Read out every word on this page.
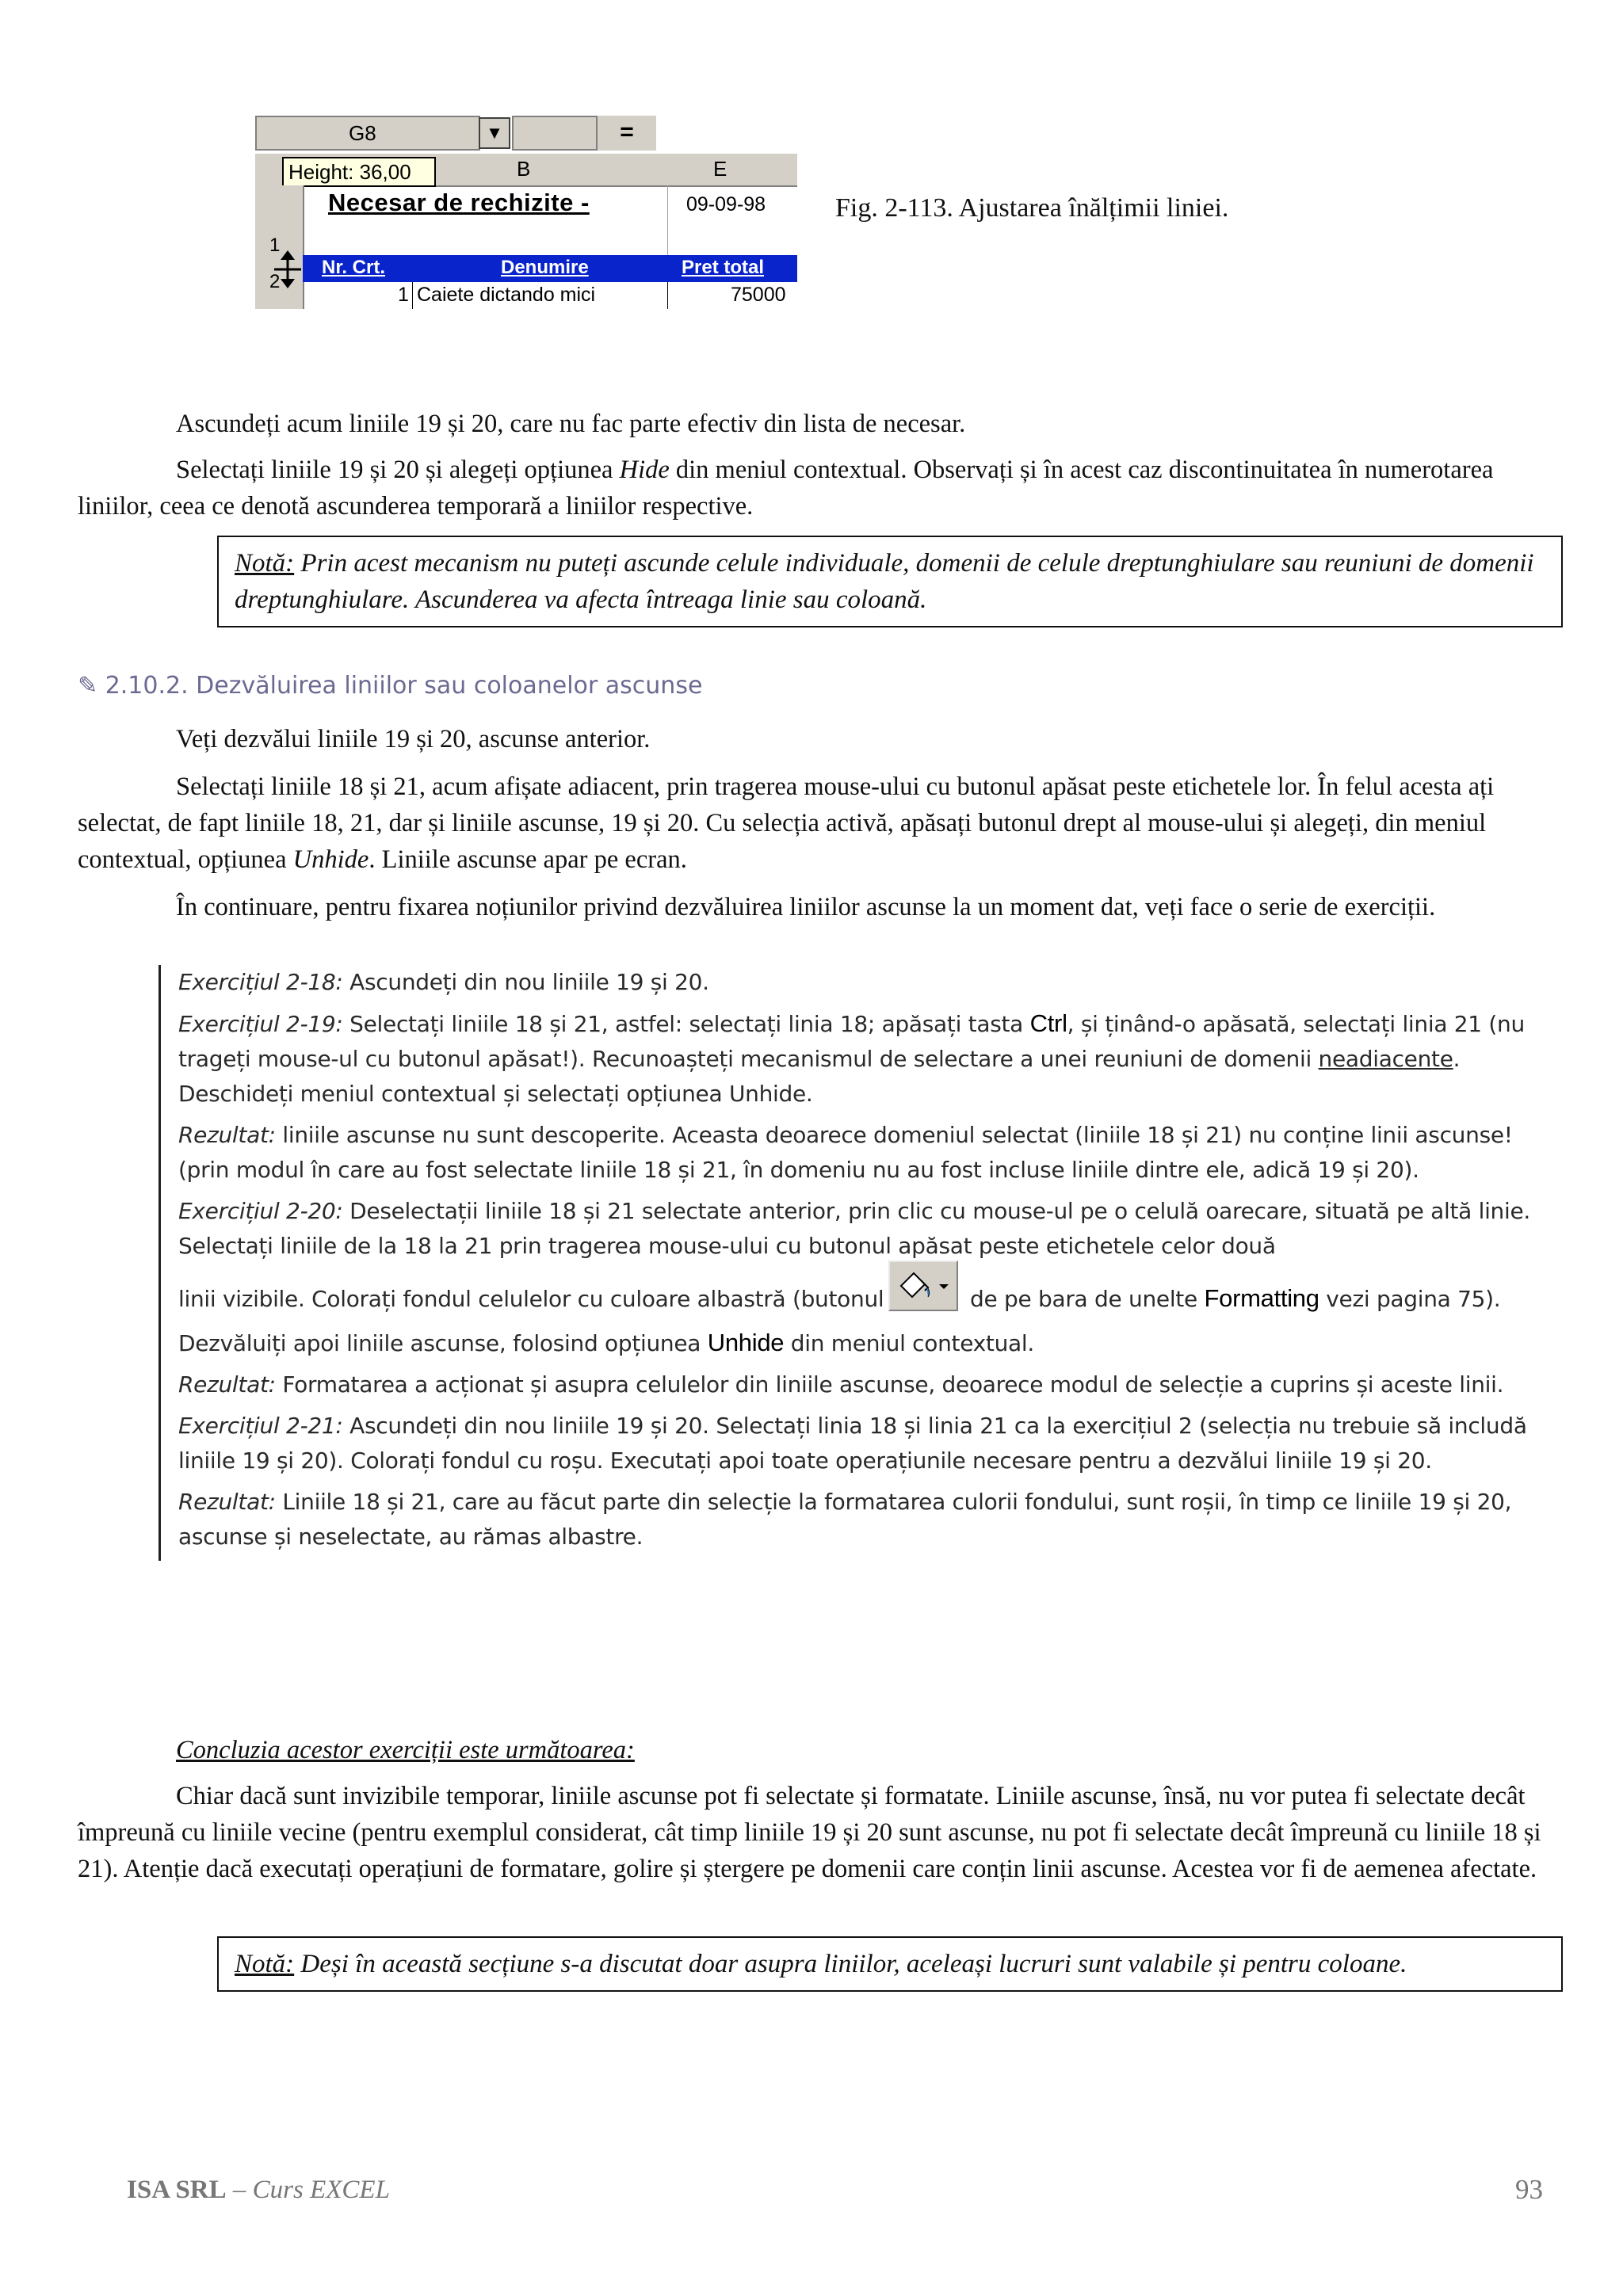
G8	▼	=
B	E
Height: 36,00
1
2
Necesar de rechizite -	09-09-98
Nr. Crt.	Denumire	Pret total
1 Caiete dictando mici	75000
Fig. 2-113. Ajustarea înălțimii liniei.

Ascundeți acum liniile 19 și 20, care nu fac parte efectiv din lista de necesar.

Selectați liniile 19 și 20 și alegeți opțiunea Hide din meniul contextual. Observați și în acest caz discontinuitatea în numerotarea liniilor, ceea ce denotă ascunderea temporară a liniilor respective.

Notă: Prin acest mecanism nu puteți ascunde celule individuale, domenii de celule dreptunghiulare sau reuniuni de domenii dreptunghiulare. Ascunderea va afecta întreaga linie sau coloană.
✎ 2.10.2. Dezvăluirea liniilor sau coloanelor ascunse

Veți dezvălui liniile 19 și 20, ascunse anterior.

Selectați liniile 18 și 21, acum afișate adiacent, prin tragerea mouse-ului cu butonul apăsat peste etichetele lor. În felul acesta ați selectat, de fapt liniile 18, 21, dar și liniile ascunse, 19 și 20. Cu selecția activă, apăsați butonul drept al mouse-ului și alegeți, din meniul contextual, opțiunea Unhide. Liniile ascunse apar pe ecran.

În continuare, pentru fixarea noțiunilor privind dezvăluirea liniilor ascunse la un moment dat, veți face o serie de exerciții.

Exercițiul 2-18: Ascundeți din nou liniile 19 și 20.

Exercițiul 2-19: Selectați liniile 18 și 21, astfel: selectați linia 18; apăsați tasta Ctrl, și ținând-o apăsată, selectați linia 21 (nu trageți mouse-ul cu butonul apăsat!). Recunoașteți mecanismul de selectare a unei reuniuni de domenii neadiacente. Deschideți meniul contextual și selectați opțiunea Unhide.

Rezultat: liniile ascunse nu sunt descoperite. Aceasta deoarece domeniul selectat (liniile 18 și 21) nu conține linii ascunse! (prin modul în care au fost selectate liniile 18 și 21, în domeniu nu au fost incluse liniile dintre ele, adică 19 și 20).

Exercițiul 2-20: Deselectații liniile 18 și 21 selectate anterior, prin clic cu mouse-ul pe o celulă oarecare, situată pe altă linie. Selectați liniile de la 18 la 21 prin tragerea mouse-ului cu butonul apăsat peste etichetele celor două

linii vizibile. Colorați fondul celulelor cu culoare albastră (butonul	de pe bara de unelte Formatting vezi pagina 75). Dezvăluiți apoi liniile ascunse, folosind opțiunea Unhide din meniul contextual.

Rezultat: Formatarea a acționat și asupra celulelor din liniile ascunse, deoarece modul de selecție a cuprins și aceste linii.

Exercițiul 2-21: Ascundeți din nou liniile 19 și 20. Selectați linia 18 și linia 21 ca la exercițiul 2 (selecția nu trebuie să includă liniile 19 și 20). Colorați fondul cu roșu. Executați apoi toate operațiunile necesare pentru a dezvălui liniile 19 și 20.

Rezultat: Liniile 18 și 21, care au făcut parte din selecție la formatarea culorii fondului, sunt roșii, în timp ce liniile 19 și 20, ascunse și neselectate, au rămas albastre.

Concluzia acestor exerciții este următoarea:

Chiar dacă sunt invizibile temporar, liniile ascunse pot fi selectate și formatate. Liniile ascunse, însă, nu vor putea fi selectate decât împreună cu liniile vecine (pentru exemplul considerat, cât timp liniile 19 și 20 sunt ascunse, nu pot fi selectate decât împreună cu liniile 18 și 21). Atenție dacă executați operațiuni de formatare, golire și ștergere pe domenii care conțin linii ascunse. Acestea vor fi de aemenea afectate.

Notă: Deși în această secțiune s-a discutat doar asupra liniilor, aceleași lucruri sunt valabile și pentru coloane.
ISA SRL – Curs EXCEL	93
